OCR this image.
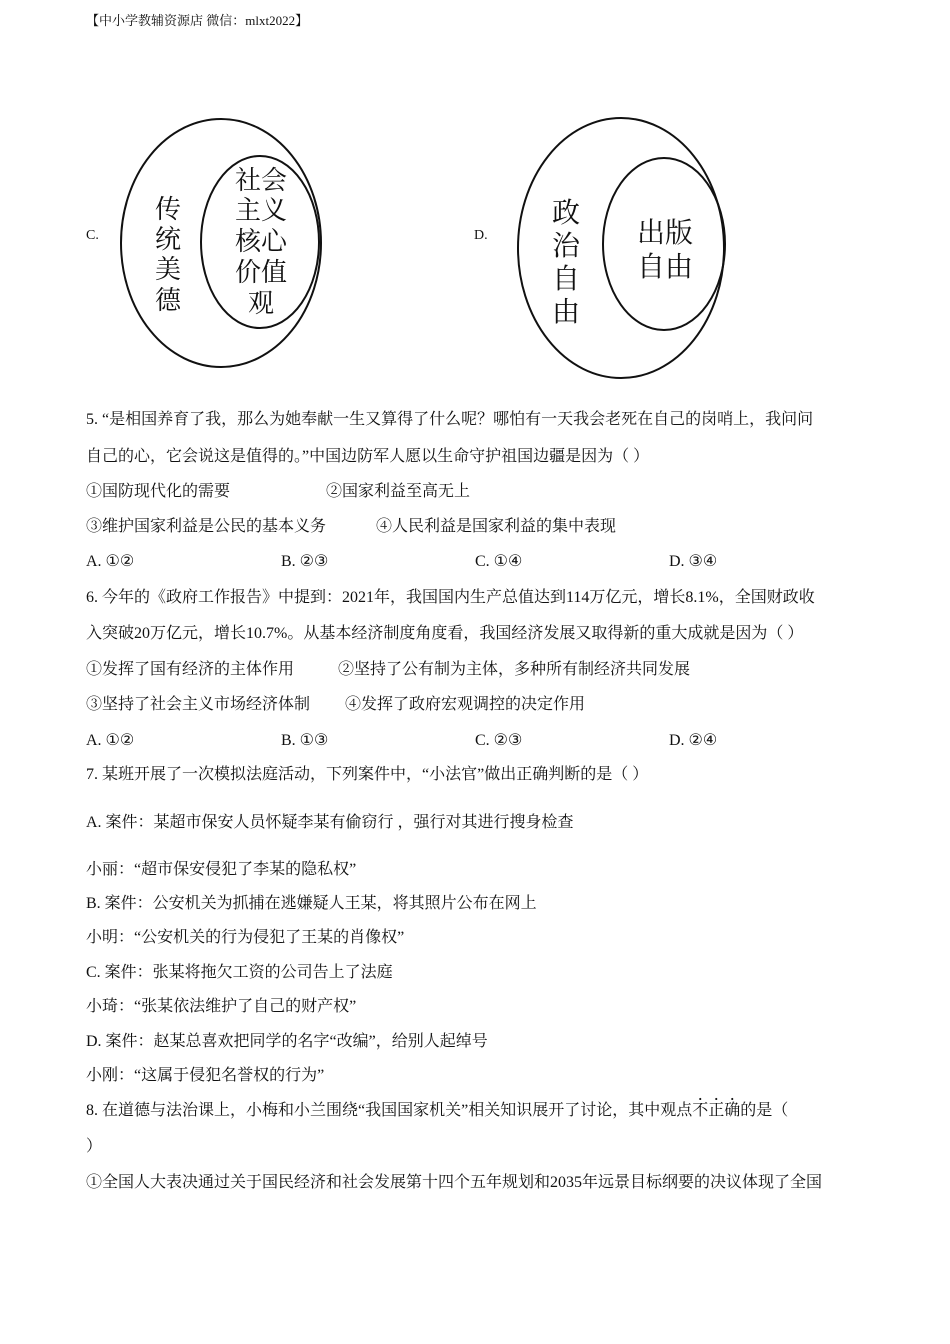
【中小学教辅资源店 微信：mlxt2022】
C.
传
统
美
德
社会
主义
核心
价值
观
D.
政
治
自
由
出版
自由
5. “是相国养育了我，那么为她奉献一生又算得了什么呢？哪怕有一天我会老死在自己的岗哨上，我问问
自己的心，它会说这是值得的。”中国边防军人愿以生命守护祖国边疆是因为（ ）
①国防现代化的需要	②国家利益至高无上
③维护国家利益是公民的基本义务	④人民利益是国家利益的集中表现
A. ①②	B. ②③	C. ①④	D. ③④
6. 今年的《政府工作报告》中提到：2021年，我国国内生产总值达到114万亿元，增长8.1%，全国财政收
入突破20万亿元，增长10.7%。从基本经济制度角度看，我国经济发展又取得新的重大成就是因为（ ）
①发挥了国有经济的主体作用	②坚持了公有制为主体，多种所有制经济共同发展
③坚持了社会主义市场经济体制 ④发挥了政府宏观调控的决定作用
A. ①②	B. ①③	C. ②③	D. ②④
7. 某班开展了一次模拟法庭活动，下列案件中，“小法官”做出正确判断的是（ ）
A. 案件：某超市保安人员怀疑李某有偷窃行 ，强行对其进行搜身检查
小丽：“超市保安侵犯了李某的隐私权”
B. 案件：公安机关为抓捕在逃嫌疑人王某，将其照片公布在网上
小明：“公安机关的行为侵犯了王某的肖像权”
C. 案件：张某将拖欠工资的公司告上了法庭
小琦：“张某依法维护了自己的财产权”
D. 案件：赵某总喜欢把同学的名字“改编”，给别人起绰号
小刚：“这属于侵犯名誉权的行为”
8. 在道德与法治课上，小梅和小兰围绕“我国国家机关”相关知识展开了讨论，其中观点不正确的是（
）
①全国人大表决通过关于国民经济和社会发展第十四个五年规划和2035年远景目标纲要的决议体现了全国
